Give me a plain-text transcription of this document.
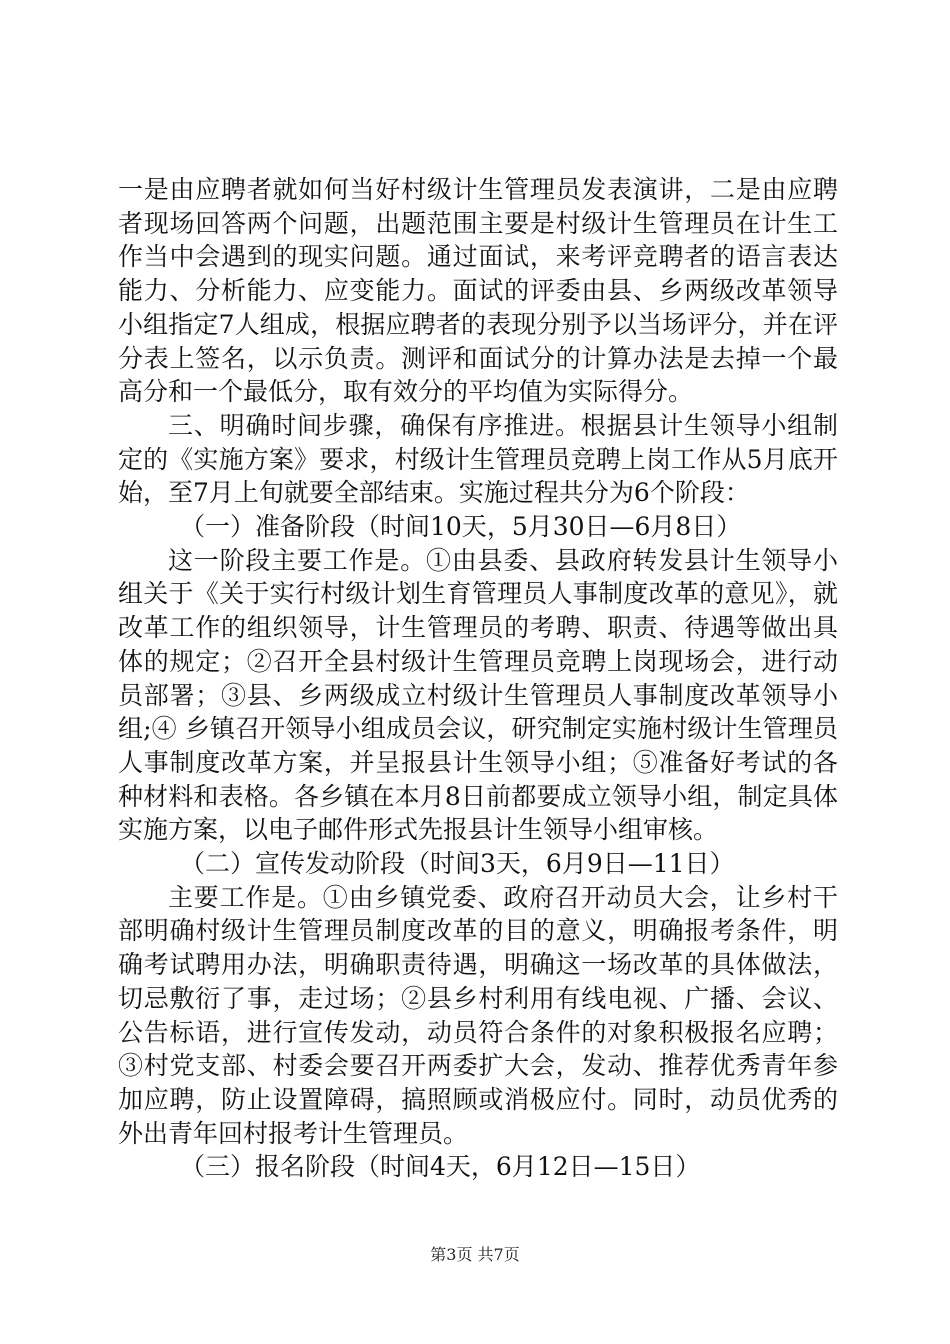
一是由应聘者就如何当好村级计生管理员发表演讲，二是由应聘者现场回答两个问题，出题范围主要是村级计生管理员在计生工作当中会遇到的现实问题。通过面试，来考评竞聘者的语言表达能力、分析能力、应变能力。面试的评委由县、乡两级改革领导小组指定7人组成，根据应聘者的表现分别予以当场评分，并在评分表上签名，以示负责。测评和面试分的计算办法是去掉一个最高分和一个最低分，取有效分的平均值为实际得分。

三、明确时间步骤，确保有序推进。根据县计生领导小组制定的《实施方案》要求，村级计生管理员竞聘上岗工作从5月底开始，至7月上旬就要全部结束。实施过程共分为6个阶段：

（一）准备阶段（时间10天，5月30日—6月8日）

这一阶段主要工作是。①由县委、县政府转发县计生领导小组关于《关于实行村级计划生育管理员人事制度改革的意见》，就改革工作的组织领导，计生管理员的考聘、职责、待遇等做出具体的规定；②召开全县村级计生管理员竞聘上岗现场会，进行动员部署；③县、乡两级成立村级计生管理员人事制度改革领导小组;④ 乡镇召开领导小组成员会议，研究制定实施村级计生管理员人事制度改革方案，并呈报县计生领导小组；⑤准备好考试的各种材料和表格。各乡镇在本月8日前都要成立领导小组，制定具体实施方案，以电子邮件形式先报县计生领导小组审核。

（二）宣传发动阶段（时间3天，6月9日—11日）

主要工作是。①由乡镇党委、政府召开动员大会，让乡村干部明确村级计生管理员制度改革的目的意义，明确报考条件，明确考试聘用办法，明确职责待遇，明确这一场改革的具体做法，切忌敷衍了事，走过场；②县乡村利用有线电视、广播、会议、公告标语，进行宣传发动，动员符合条件的对象积极报名应聘；③村党支部、村委会要召开两委扩大会，发动、推荐优秀青年参加应聘，防止设置障碍，搞照顾或消极应付。同时，动员优秀的外出青年回村报考计生管理员。

（三）报名阶段（时间4天，6月12日—15日）

第3页 共7页
